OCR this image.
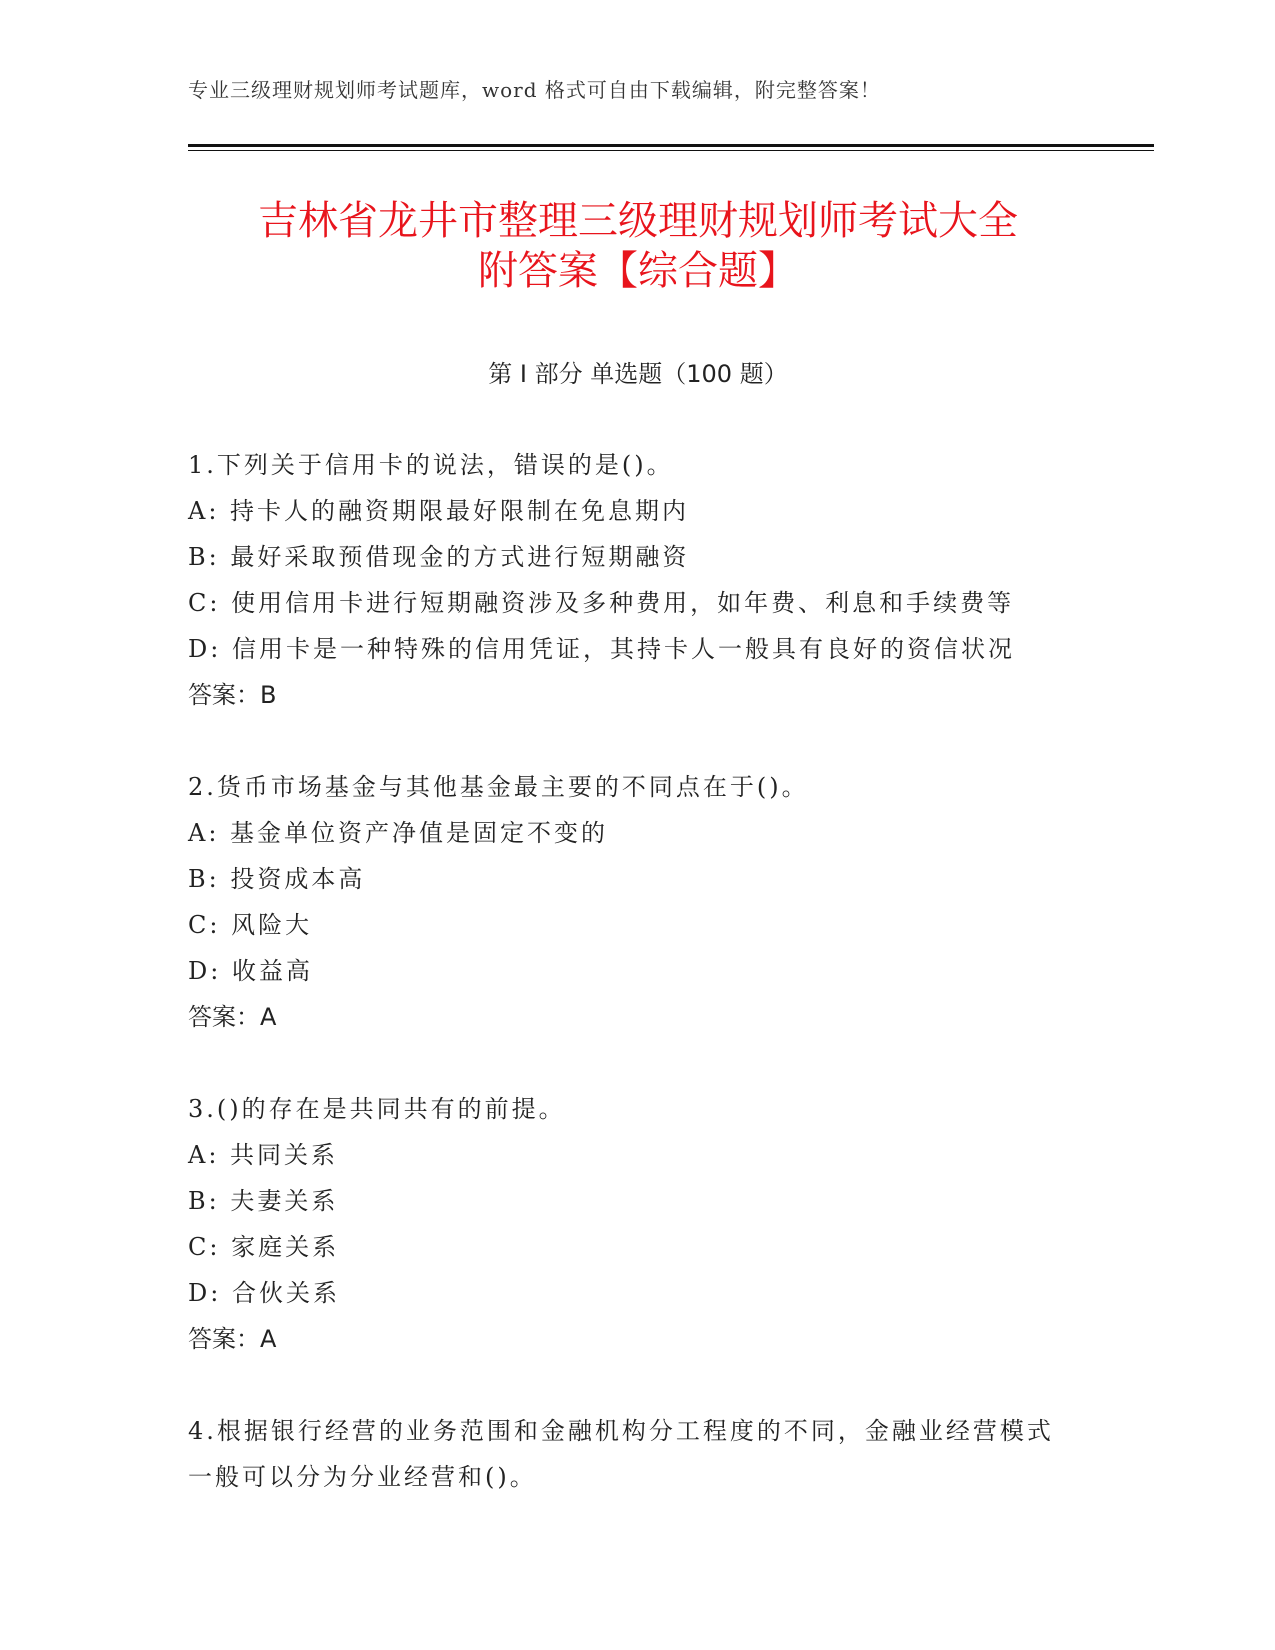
专业三级理财规划师考试题库，word 格式可自由下载编辑，附完整答案！
吉林省龙井市整理三级理财规划师考试大全
附答案【综合题】
第 I 部分 单选题（100 题）
1.下列关于信用卡的说法，错误的是()。
A: 持卡人的融资期限最好限制在免息期内
B: 最好采取预借现金的方式进行短期融资
C: 使用信用卡进行短期融资涉及多种费用，如年费、利息和手续费等
D: 信用卡是一种特殊的信用凭证，其持卡人一般具有良好的资信状况
答案：B
2.货币市场基金与其他基金最主要的不同点在于()。
A: 基金单位资产净值是固定不变的
B: 投资成本高
C: 风险大
D: 收益高
答案：A
3.()的存在是共同共有的前提。
A: 共同关系
B: 夫妻关系
C: 家庭关系
D: 合伙关系
答案：A
4.根据银行经营的业务范围和金融机构分工程度的不同，金融业经营模式一般可以分为分业经营和()。
